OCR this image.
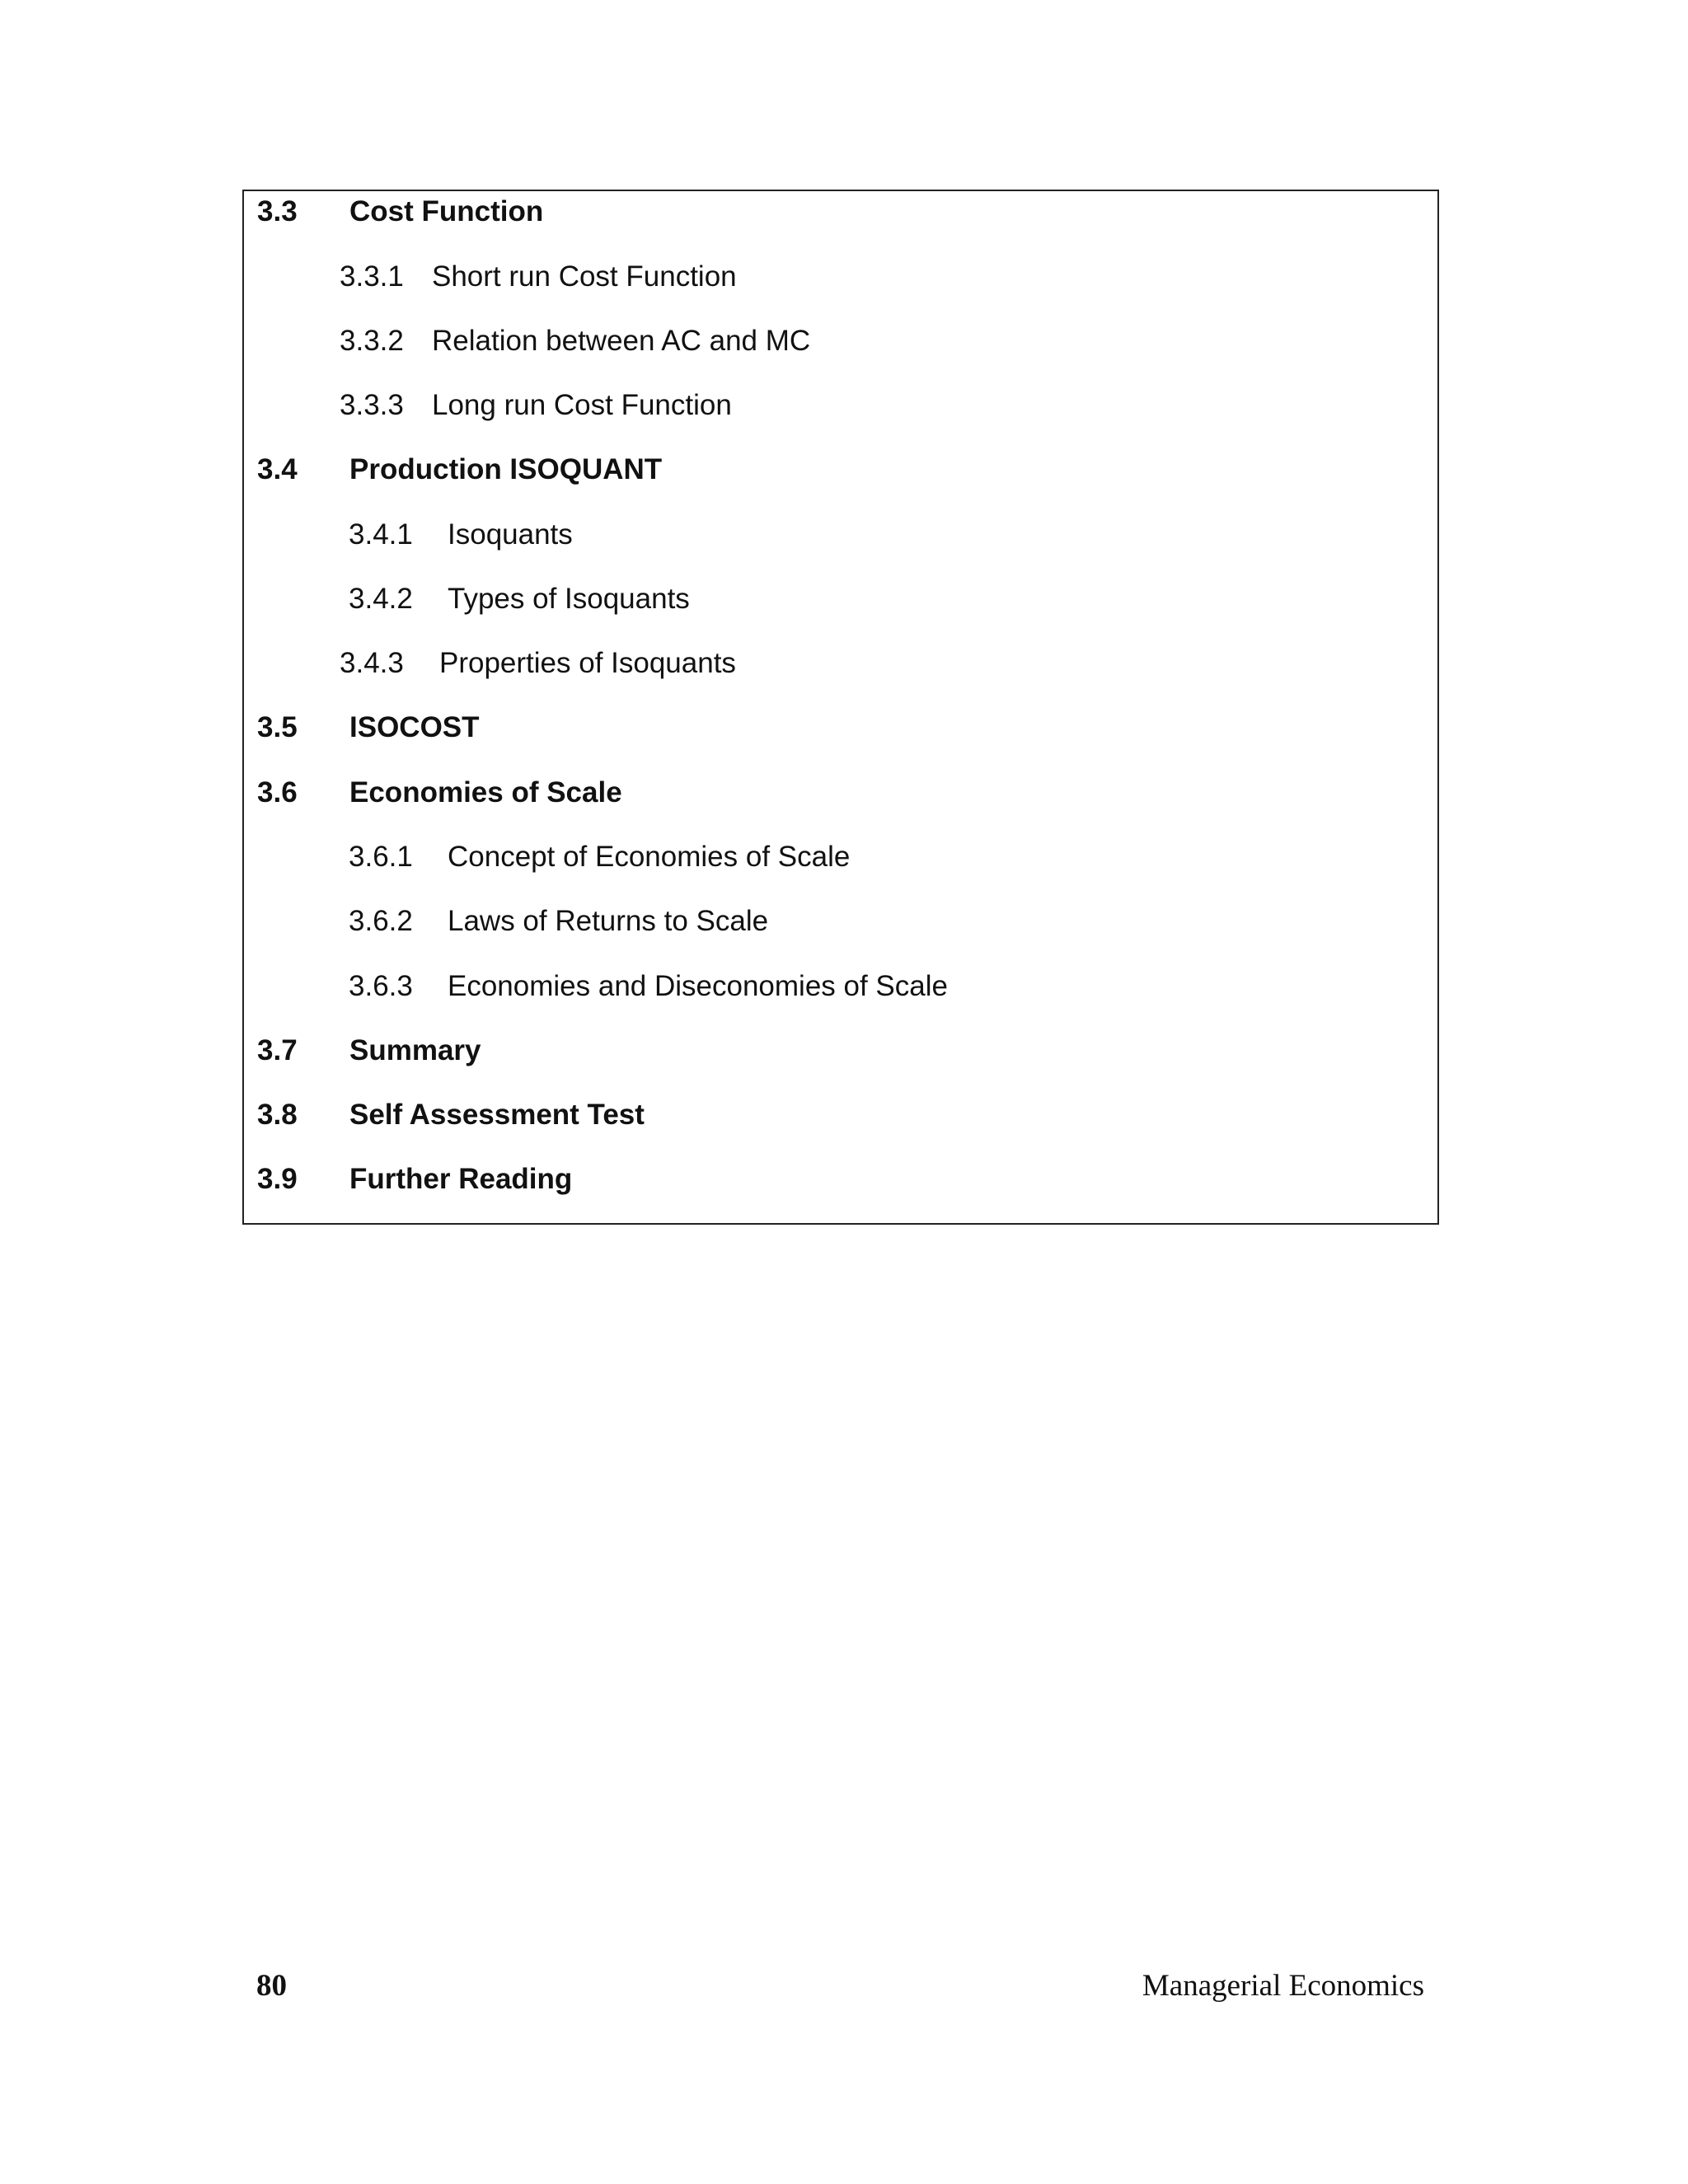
3.3 Cost Function
3.3.1 Short run Cost Function
3.3.2 Relation between AC and MC
3.3.3 Long run Cost Function
3.4 Production ISOQUANT
3.4.1 Isoquants
3.4.2 Types of Isoquants
3.4.3 Properties of Isoquants
3.5 ISOCOST
3.6 Economies of Scale
3.6.1 Concept of Economies of Scale
3.6.2 Laws of Returns to Scale
3.6.3 Economies and Diseconomies of Scale
3.7 Summary
3.8 Self Assessment Test
3.9 Further Reading
80	Managerial Economics
